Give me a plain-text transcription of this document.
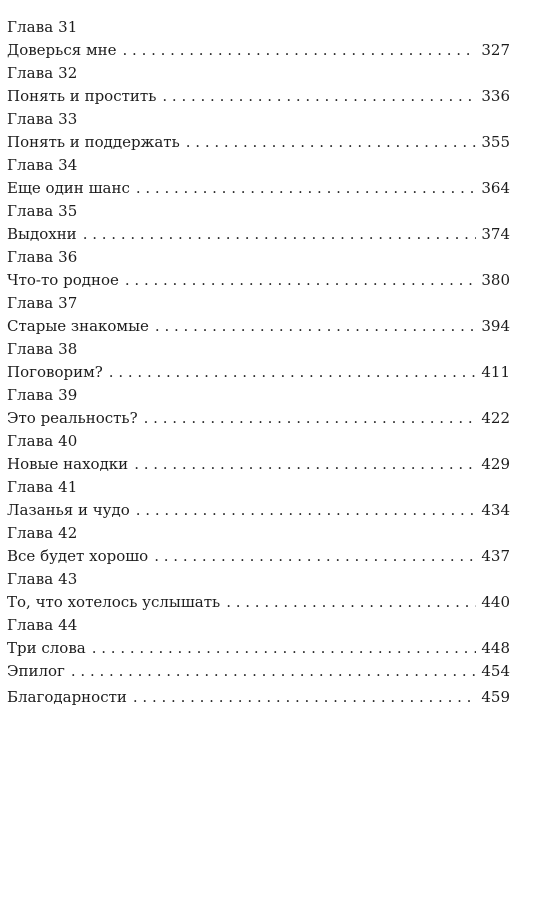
Глава 31
Доверься мне . . .	327
Глава 32
Понять и простить . . .	336
Глава 33
Понять и поддержать . . .	355
Глава 34
Еще один шанс . . .	364
Глава 35
Выдохни . . .	374
Глава 36
Что-то родное . . .	380
Глава 37
Старые знакомые . . .	394
Глава 38
Поговорим? . . .	411
Глава 39
Это реальность? . . .	422
Глава 40
Новые находки . . .	429
Глава 41
Лазанья и чудо . . .	434
Глава 42
Все будет хорошо . . .	437
Глава 43
То, что хотелось услышать . . .	440
Глава 44
Три слова . . .	448
Эпилог . . .	454
Благодарности . . .	459
